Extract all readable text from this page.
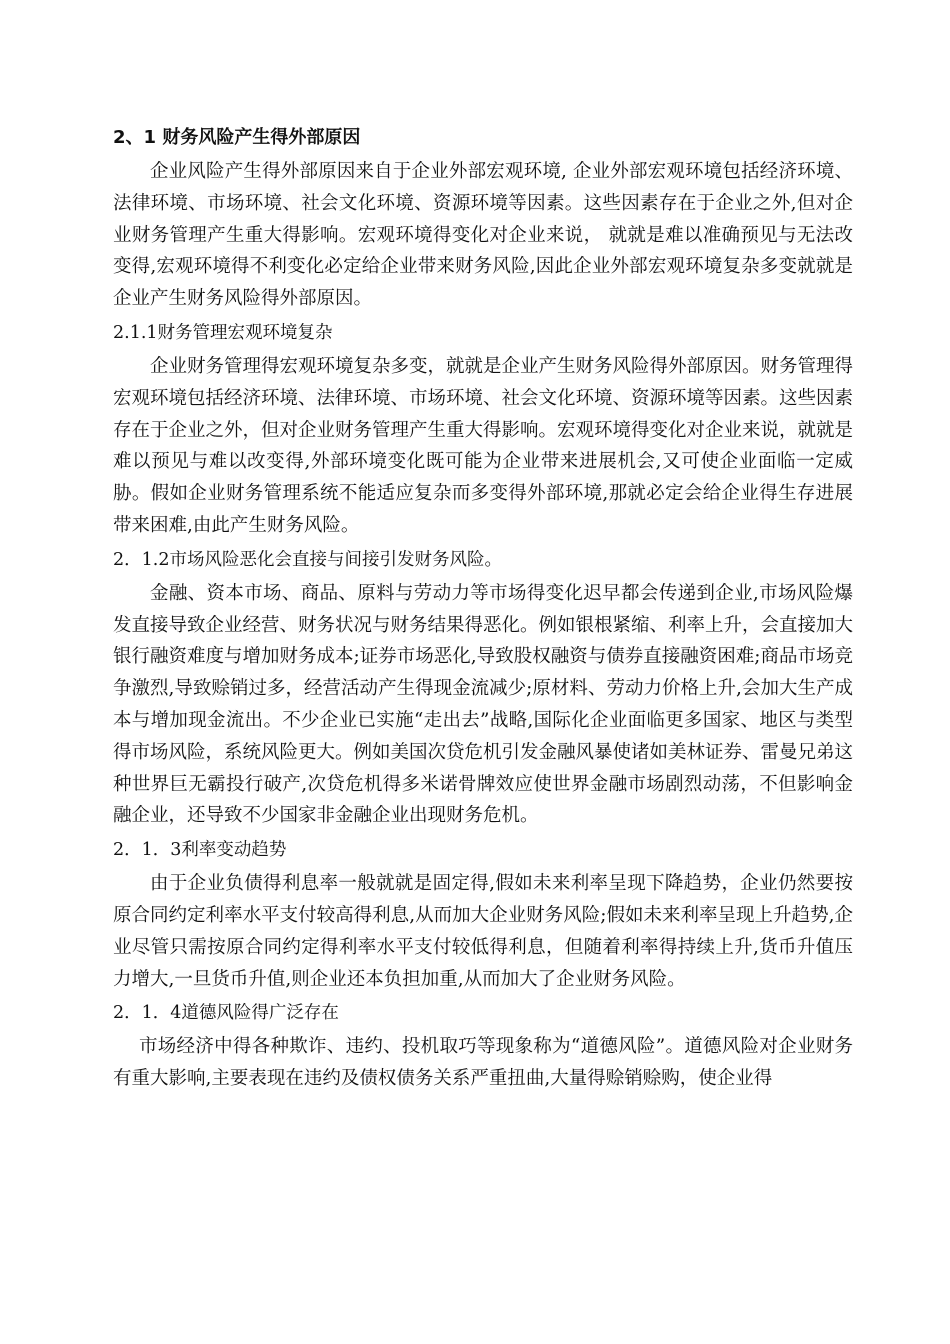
2、1 财务风险产生得外部原因

企业风险产生得外部原因来自于企业外部宏观环境, 企业外部宏观环境包括经济环境、法律环境、市场环境、社会文化环境、资源环境等因素。这些因素存在于企业之外,但对企业财务管理产生重大得影响。宏观环境得变化对企业来说， 就就是难以准确预见与无法改变得,宏观环境得不利变化必定给企业带来财务风险,因此企业外部宏观环境复杂多变就就是企业产生财务风险得外部原因。

2.1.1财务管理宏观环境复杂

企业财务管理得宏观环境复杂多变，就就是企业产生财务风险得外部原因。财务管理得宏观环境包括经济环境、法律环境、市场环境、社会文化环境、资源环境等因素。这些因素存在于企业之外，但对企业财务管理产生重大得影响。宏观环境得变化对企业来说，就就是难以预见与难以改变得,外部环境变化既可能为企业带来进展机会,又可使企业面临一定威胁。假如企业财务管理系统不能适应复杂而多变得外部环境,那就必定会给企业得生存进展带来困难,由此产生财务风险。

2．1.2市场风险恶化会直接与间接引发财务风险。

金融、资本市场、商品、原料与劳动力等市场得变化迟早都会传递到企业,市场风险爆发直接导致企业经营、财务状况与财务结果得恶化。例如银根紧缩、利率上升，会直接加大银行融资难度与增加财务成本;证券市场恶化,导致股权融资与债券直接融资困难;商品市场竞争激烈,导致赊销过多，经营活动产生得现金流减少;原材料、劳动力价格上升,会加大生产成本与增加现金流出。不少企业已实施“走出去”战略,国际化企业面临更多国家、地区与类型得市场风险，系统风险更大。例如美国次贷危机引发金融风暴使诸如美林证券、雷曼兄弟这种世界巨无霸投行破产,次贷危机得多米诺骨牌效应使世界金融市场剧烈动荡，不但影响金融企业，还导致不少国家非金融企业出现财务危机。

2．1．3利率变动趋势

由于企业负债得利息率一般就就是固定得,假如未来利率呈现下降趋势，企业仍然要按原合同约定利率水平支付较高得利息,从而加大企业财务风险;假如未来利率呈现上升趋势,企业尽管只需按原合同约定得利率水平支付较低得利息，但随着利率得持续上升,货币升值压力增大,一旦货币升值,则企业还本负担加重,从而加大了企业财务风险。

2．1．4道德风险得广泛存在

市场经济中得各种欺诈、违约、投机取巧等现象称为“道德风险”。道德风险对企业财务有重大影响,主要表现在违约及债权债务关系严重扭曲,大量得赊销赊购，使企业得
